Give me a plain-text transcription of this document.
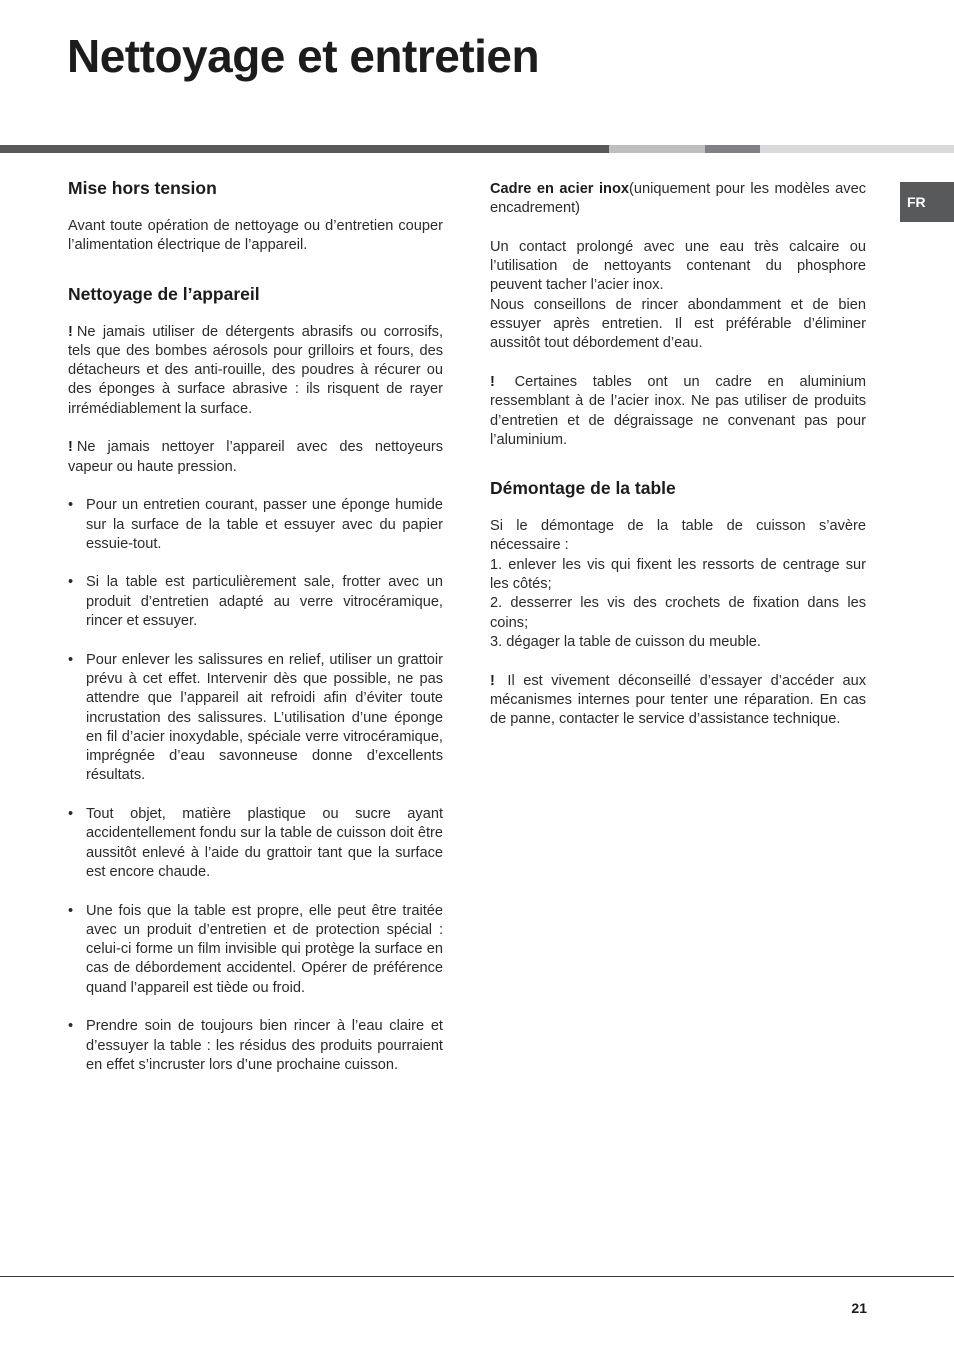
Nettoyage et entretien
FR
Mise hors tension

Avant toute opération de nettoyage ou d’entretien couper l’alimentation électrique de l’appareil.

Nettoyage de l’appareil

! Ne jamais utiliser de détergents abrasifs ou corrosifs, tels que des bombes aérosols pour grilloirs et fours, des détacheurs et des anti-rouille, des poudres à récurer ou des éponges à surface abrasive : ils risquent de rayer irrémédiablement la surface.

! Ne jamais nettoyer l’appareil avec des nettoyeurs vapeur ou haute pression.

• Pour un entretien courant, passer une éponge humide sur la surface de la table et essuyer avec du papier essuie-tout.
• Si la table est particulièrement sale, frotter avec un produit d’entretien adapté au verre vitrocéramique, rincer et essuyer.
• Pour enlever les salissures en relief, utiliser un grattoir prévu à cet effet. Intervenir dès que possible, ne pas attendre que l’appareil ait refroidi afin d’éviter toute incrustation des salissures. L’utilisation d’une éponge en fil d’acier inoxydable, spéciale verre vitrocéramique, imprégnée d’eau savonneuse donne d’excellents résultats.
• Tout objet, matière plastique ou sucre ayant accidentellement fondu sur la table de cuisson doit être aussitôt enlevé à l’aide du grattoir tant que la surface est encore chaude.
• Une fois que la table est propre, elle peut être traitée avec un produit d’entretien et de protection spécial : celui-ci forme un film invisible qui protège la surface en cas de débordement accidentel. Opérer de préférence quand l’appareil est tiède ou froid.
• Prendre soin de toujours bien rincer à l’eau claire et d’essuyer la table : les résidus des produits pourraient en effet s’incruster lors d’une prochaine cuisson.

Cadre en acier inox(uniquement pour les modèles avec encadrement)

Un contact prolongé avec une eau très calcaire ou l’utilisation de nettoyants contenant du phosphore peuvent tacher l’acier inox.

Nous conseillons de rincer abondamment et de bien essuyer après entretien. Il est préférable d’éliminer aussitôt tout débordement d’eau.

! Certaines tables ont un cadre en aluminium ressemblant à de l’acier inox. Ne pas utiliser de produits d’entretien et de dégraissage ne convenant pas pour l’aluminium.

Démontage de la table

Si le démontage de la table de cuisson s’avère nécessaire :

1. enlever les vis qui fixent les ressorts de centrage sur les côtés;

2. desserrer les vis des crochets de fixation dans les coins;

3. dégager la table de cuisson du meuble.

! Il est vivement déconseillé d’essayer d’accéder aux mécanismes internes pour tenter une réparation. En cas de panne, contacter le service d’assistance technique.

21
